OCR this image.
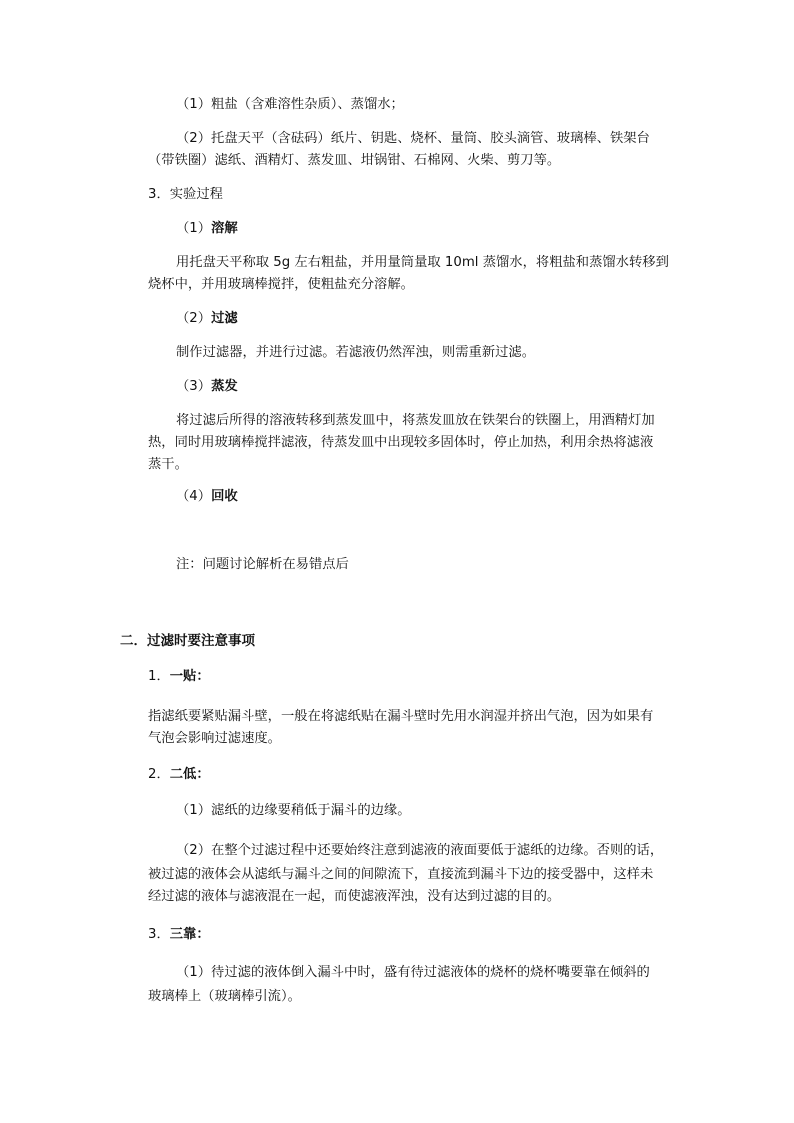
（1）粗盐（含难溶性杂质）、蒸馏水；
（2）托盘天平（含砝码）纸片、钥匙、烧杯、量筒、胶头滴管、玻璃棒、铁架台
（带铁圈）滤纸、酒精灯、蒸发皿、坩锅钳、石棉网、火柴、剪刀等。
3．实验过程
（1）溶解
用托盘天平称取 5g 左右粗盐，并用量筒量取 10ml 蒸馏水，将粗盐和蒸馏水转移到
烧杯中，并用玻璃棒搅拌，使粗盐充分溶解。
（2）过滤
制作过滤器，并进行过滤。若滤液仍然浑浊，则需重新过滤。
（3）蒸发
将过滤后所得的溶液转移到蒸发皿中，将蒸发皿放在铁架台的铁圈上，用酒精灯加
热，同时用玻璃棒搅拌滤液，待蒸发皿中出现较多固体时，停止加热，利用余热将滤液
蒸干。
（4）回收
注：问题讨论解析在易错点后
二．过滤时要注意事项
1．一贴：
指滤纸要紧贴漏斗壁，一般在将滤纸贴在漏斗壁时先用水润湿并挤出气泡，因为如果有
气泡会影响过滤速度。
2．二低：
（1）滤纸的边缘要稍低于漏斗的边缘。
（2）在整个过滤过程中还要始终注意到滤液的液面要低于滤纸的边缘。否则的话，
被过滤的液体会从滤纸与漏斗之间的间隙流下，直接流到漏斗下边的接受器中，这样未
经过滤的液体与滤液混在一起，而使滤液浑浊，没有达到过滤的目的。
3．三靠：
（1）待过滤的液体倒入漏斗中时，盛有待过滤液体的烧杯的烧杯嘴要靠在倾斜的
玻璃棒上（玻璃棒引流）。
